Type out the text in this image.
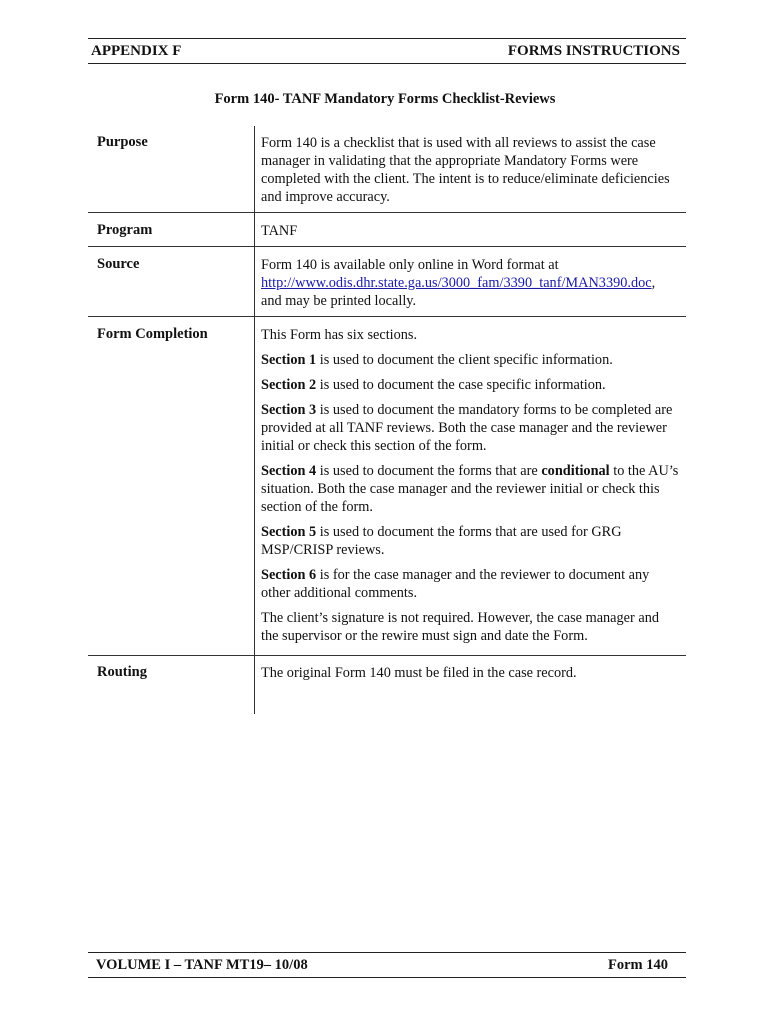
APPENDIX F	FORMS INSTRUCTIONS
Form 140- TANF Mandatory Forms Checklist-Reviews
Purpose	Form 140 is a checklist that is used with all reviews to assist the case manager in validating that the appropriate Mandatory Forms were completed with the client. The intent is to reduce/eliminate deficiencies and improve accuracy.
Program	TANF
Source	Form 140 is available only online in Word format at http://www.odis.dhr.state.ga.us/3000_fam/3390_tanf/MAN3390.doc, and may be printed locally.
Form Completion	This Form has six sections.

Section 1 is used to document the client specific information.

Section 2 is used to document the case specific information.

Section 3 is used to document the mandatory forms to be completed are provided at all TANF reviews. Both the case manager and the reviewer initial or check this section of the form.

Section 4 is used to document the forms that are conditional to the AU’s situation. Both the case manager and the reviewer initial or check this section of the form.

Section 5 is used to document the forms that are used for GRG MSP/CRISP reviews.

Section 6 is for the case manager and the reviewer to document any other additional comments.

The client’s signature is not required. However, the case manager and the supervisor or the rewire must sign and date the Form.

Routing	The original Form 140 must be filed in the case record.
VOLUME I – TANF MT19– 10/08	Form 140
